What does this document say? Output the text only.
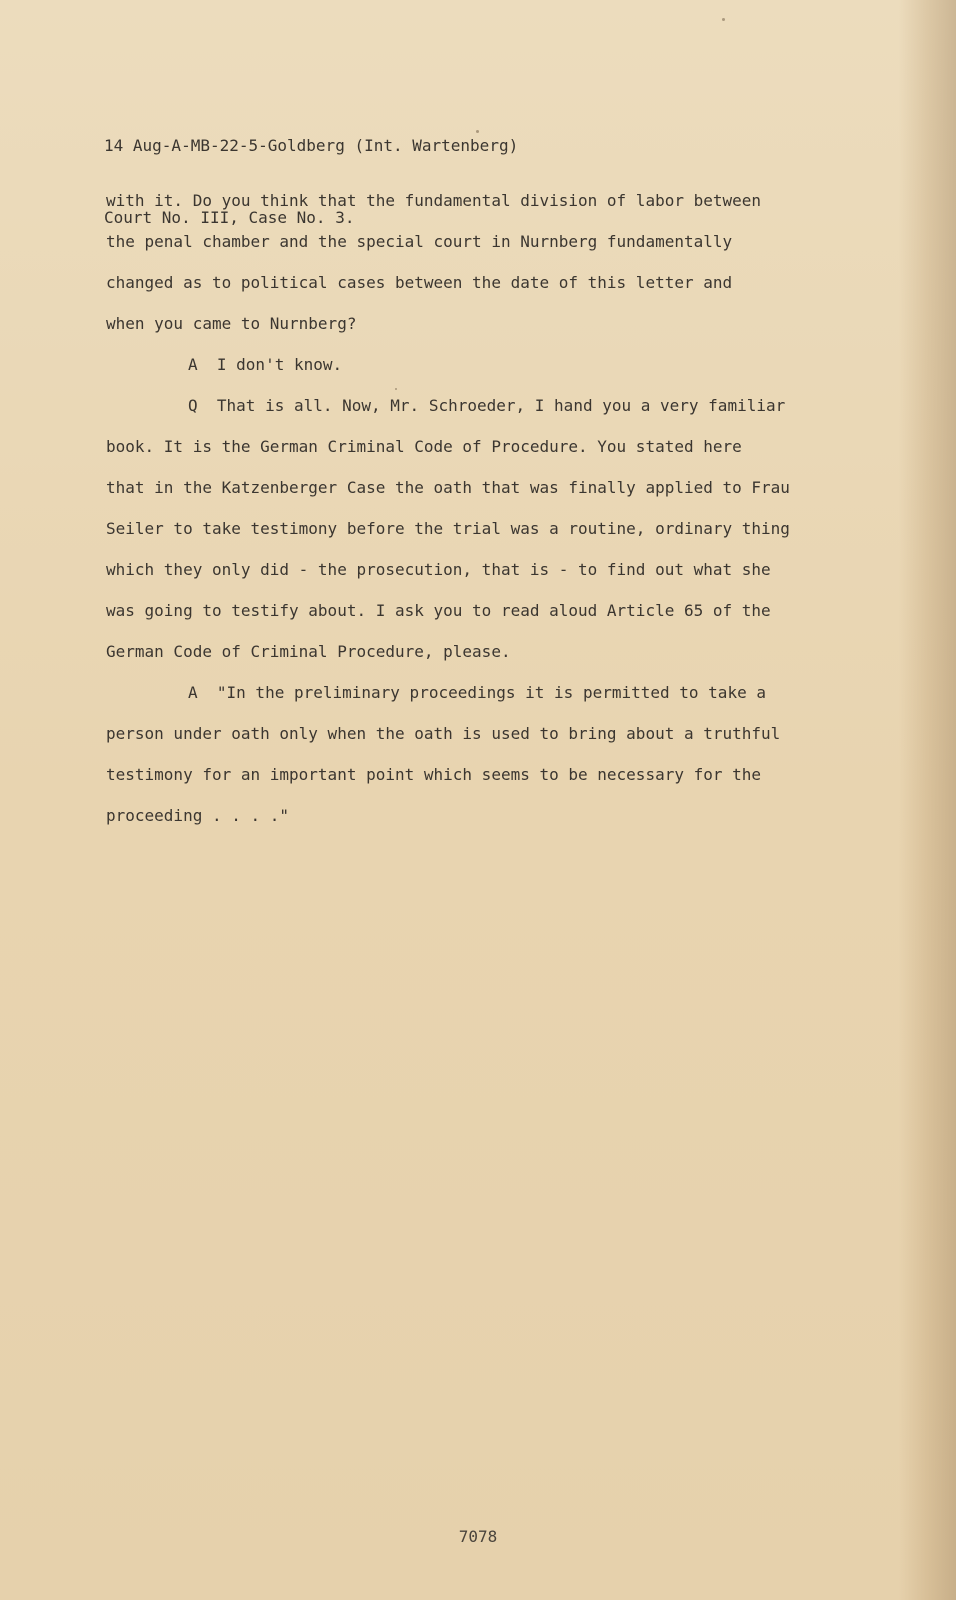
14 Aug-A-MB-22-5-Goldberg (Int. Wartenberg)

Court No. III, Case No. 3.

with it. Do you think that the fundamental division of labor between

the penal chamber and the special court in Nurnberg fundamentally

changed as to political cases between the date of this letter and

when you came to Nurnberg?

A  I don't know.

Q  That is all. Now, Mr. Schroeder, I hand you a very familiar

book. It is the German Criminal Code of Procedure. You stated here

that in the Katzenberger Case the oath that was finally applied to Frau

Seiler to take testimony before the trial was a routine, ordinary thing

which they only did - the prosecution, that is - to find out what she

was going to testify about. I ask you to read aloud Article 65 of the

German Code of Criminal Procedure, please.

A  "In the preliminary proceedings it is permitted to take a

person under oath only when the oath is used to bring about a truthful

testimony for an important point which seems to be necessary for the

proceeding . . . ."

7078
